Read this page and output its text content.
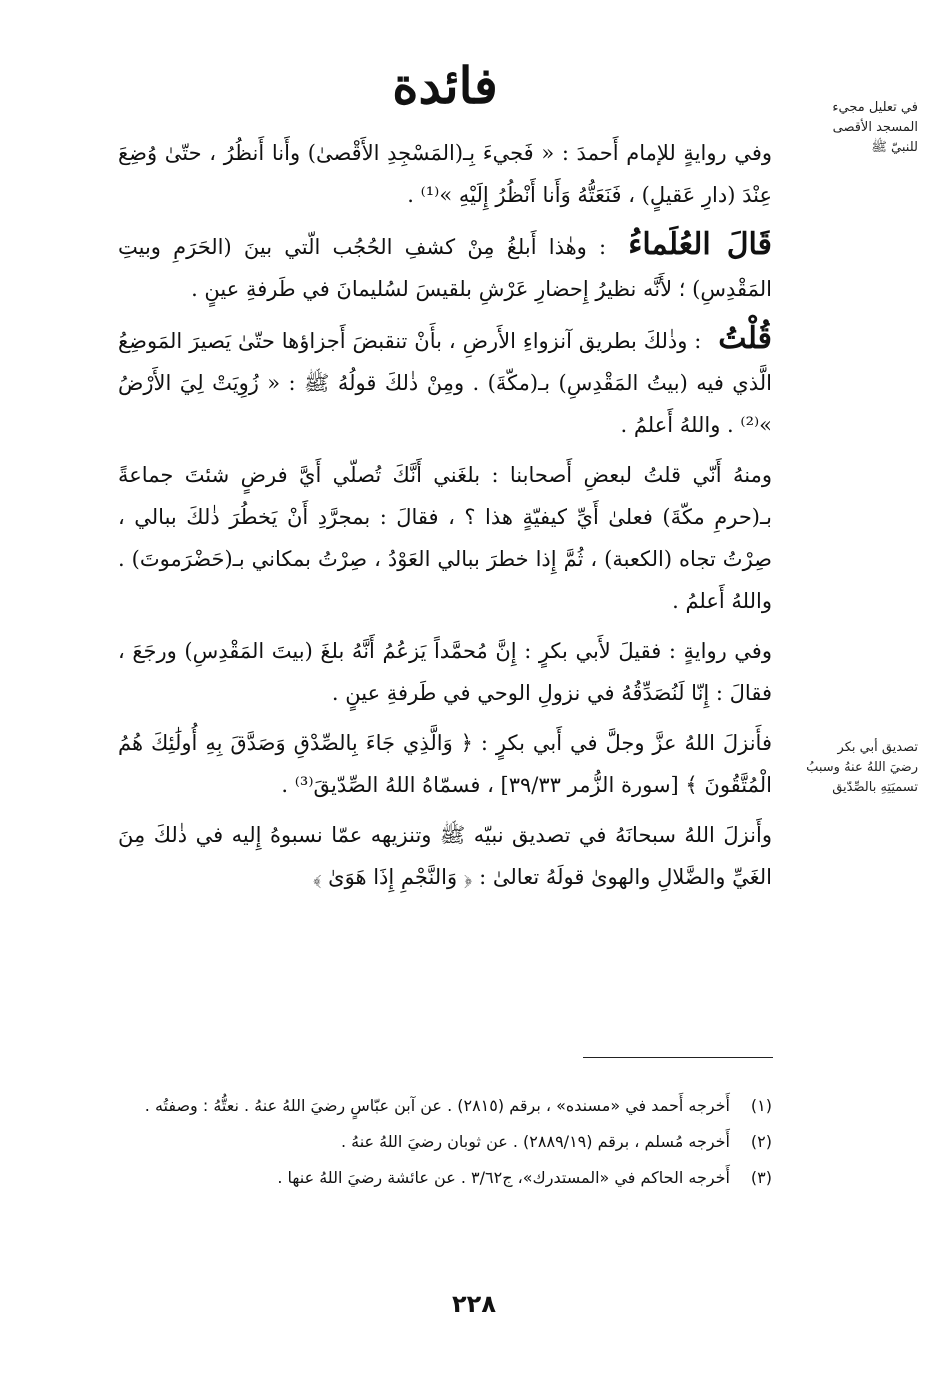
فائدة	في تعليل مجيء
المسجد الأقصى
للنبيّ ﷺ
تصديق أبي بكر
رضيَ اللهُ عنهُ وسببُ
تسميَتِهِ بالصِّدّيق

وفي روايةٍ للإمام أَحمدَ : « فَجيءَ بِـ(المَسْجِدِ الأَقْصىٰ) وأَنا أَنظُرُ ، حتّىٰ وُضِعَ عِنْدَ (دارِ عَقيلٍ) ، فَنَعَتُّهُ وَأَنا أَنْظُرُ إِلَيْهِ »⁽¹⁾ .

قَالَ العُلَماءُ : وهٰذا أَبلغُ مِنْ كشفِ الحُجُب الّتي بينَ (الحَرَمِ وبيتِ المَقْدِسِ) ؛ لأَنَّه نظيرُ إِحضارِ عَرْشِ بلقيسَ لسُليمانَ في طَرفةِ عينٍ .

قُلْتُ : وذٰلكَ بطريق آنزواءِ الأَرضِ ، بأَنْ تنقبضَ أَجزاؤها حتّىٰ يَصيرَ المَوضِعُ الَّذي فيه (بيتُ المَقْدِسِ) بـ(مكّةَ) . ومِنْ ذٰلكَ قولُهُ ﷺ : « زُوِيَتْ لِيَ الأَرْضُ »⁽²⁾ . واللهُ أَعلمُ .

ومنهُ أَنّي قلتُ لبعضِ أَصحابنا : بلغَني أَنَّكَ تُصلّي أَيَّ فرضٍ شئتَ جماعةً بـ(حرمِ مكّةَ) فعلىٰ أَيِّ كيفيّةٍ هذا ؟ ، فقالَ : بمجرَّدِ أَنْ يَخطُرَ ذٰلكَ ببالي ، صِرْتُ تجاه (الكعبة) ، ثُمَّ إِذا خطرَ ببالي العَوْدُ ، صِرْتُ بمكاني بـ(حَضْرَموتَ) . واللهُ أَعلمُ .

وفي روايةٍ : فقيلَ لأَبي بكرٍ : إِنَّ مُحمَّداً يَزعُمُ أَنَّهُ بلغَ (بيتَ المَقْدِسِ) ورجَعَ ، فقالَ : إِنّا لَنُصَدِّقُهُ في نزولِ الوحي في طَرفةِ عينٍ .

فأَنزلَ اللهُ عزَّ وجلَّ في أَبي بكرٍ : ﴿ وَالَّذِي جَاءَ بِالصِّدْقِ وَصَدَّقَ بِهِ أُولَٰئِكَ هُمُ الْمُتَّقُونَ ﴾ [سورة الزُّمر ٣٩/٣٣] ، فسمّاهُ اللهُ الصِّدّيقَ⁽³⁾ .

وأَنزلَ اللهُ سبحانَهُ في تصديق نبيّه ﷺ وتنزيهه عمّا نسبوهُ إِليه في ذٰلكَ مِنَ الغَيِّ والضَّلالِ والهوىٰ قولَهُ تعالىٰ : ﴿ وَالنَّجْمِ إِذَا هَوَىٰ ﴾

(١)
أَخرجه أَحمد في «مسنده» ، برقم (٢٨١٥) . عن آبن عبّاسٍ رضيَ اللهُ عنهُ . نعتُّهُ : وصفتُه .
(٢)
أَخرجه مُسلم ، برقم (٢٨٨٩/١٩) . عن ثوبان رضيَ اللهُ عنهُ .
(٣)
أَخرجه الحاكم في «المستدرك»، ج٣/٦٢ . عن عائشة رضيَ اللهُ عنها .
٢٢٨
